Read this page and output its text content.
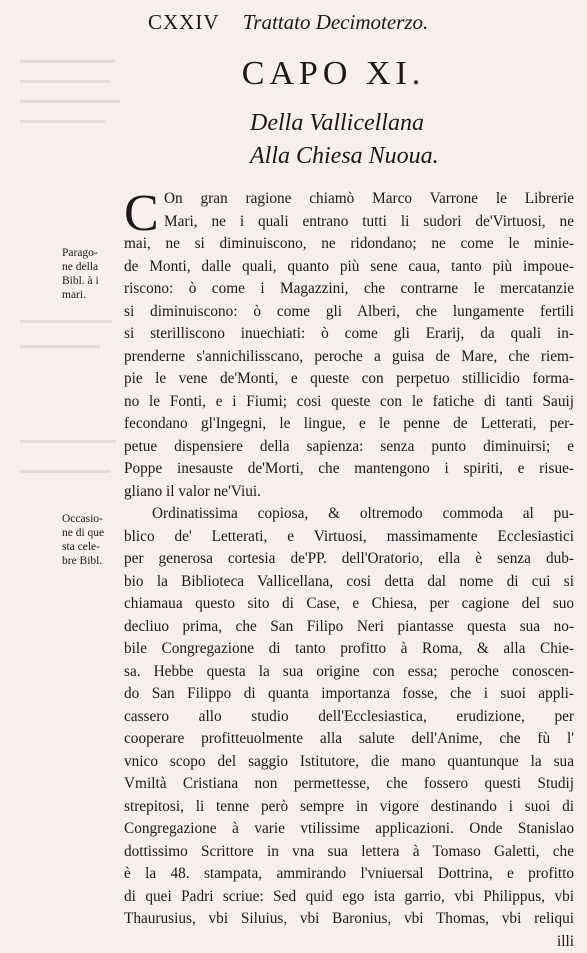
CXXIV Trattato Decimoterzo.
CAPO XI.
Della Vallicellana
Alla Chiesa Nuoua.
C
Parago-
ne della
Bibl. à i
mari.
Occasio-
ne di que
sta cele-
bre Bibl.
On gran ragione chiamò Marco Varrone le Librerie
Mari, ne i quali entrano tutti li sudori de'Virtuosi, ne
mai, ne si diminuiscono, ne ridondano; ne come le minie-
de Monti, dalle quali, quanto più sene caua, tanto più impoue-
riscono: ò come i Magazzini, che contrarne le mercatanzie
si diminuiscono: ò come gli Alberi, che lungamente fertili
si sterilliscono inuechiati: ò come gli Erarij, da quali in-
prenderne s'annichilisscano, peroche a guisa de Mare, che riem-
pie le vene de'Monti, e queste con perpetuo stillicidio forma-
no le Fonti, e i Fiumi; cosi queste con le fatiche di tanti Sauij
fecondano gl'Ingegni, le lingue, e le penne de Letterati, per-
petue dispensiere della sapienza: senza punto diminuirsi; e
Poppe inesauste de'Morti, che mantengono i spiriti, e risue-
gliano il valor ne'Viui.
Ordinatissima copiosa, & oltremodo commoda al pu-
blico de' Letterati, e Virtuosi, massimamente Ecclesiastici
per generosa cortesia de'PP. dell'Oratorio, ella è senza dub-
bio la Biblioteca Vallicellana, cosi detta dal nome di cui si
chiamaua questo sito di Case, e Chiesa, per cagione del suo
decliuo prima, che San Filipo Neri piantasse questa sua no-
bile Congregazione di tanto profitto à Roma, & alla Chie-
sa. Hebbe questa la sua origine con essa; peroche conoscen-
do San Filippo di quanta importanza fosse, che i suoi appli-
cassero allo studio dell'Ecclesiastica, erudizione, per
cooperare profitteuolmente alla salute dell'Anime, che fù l'
vnico scopo del saggio Istitutore, die mano quantunque la sua
Vmiltà Cristiana non permettesse, che fossero questi Studij
strepitosi, li tenne però sempre in vigore destinando i suoi di
Congregazione à varie vtilissime applicazioni. Onde Stanislao
dottissimo Scrittore in vna sua lettera à Tomaso Galetti, che
è la 48. stampata, ammirando l'vniuersal Dottrina, e profitto
di quei Padri scriue: Sed quid ego ista garrio, vbi Philippus, vbi
Thaurusius, vbi Siluius, vbi Baronius, vbi Thomas, vbi reliqui
illi
